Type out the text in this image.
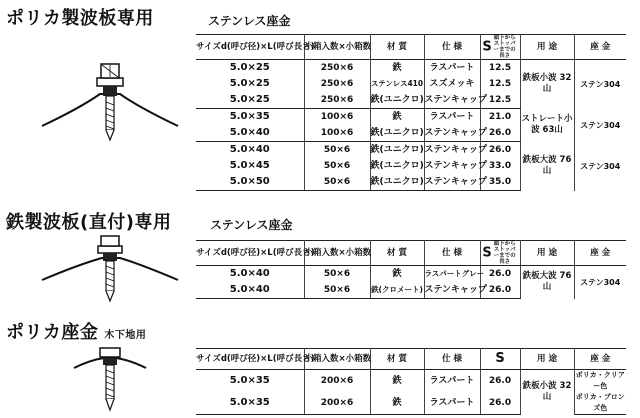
ポリカ製波板専用	ステンレス座金
サイズd(呼び径)×L(呼び長さ)	小箱入数×小箱数	材 質	仕 様	S頭下からストッパーまでの長さ	用 途	座 金
5.0×25	250×6	鉄	ラスパート	12.5	鉄板小波 32山	ステン304
5.0×25	250×6	ステンレス410	スズメッキ	12.5		
5.0×25	250×6	鉄(ユニクロ)	ステンキャップ	12.5		
5.0×35	100×6	鉄	ラスパート	21.0	ストレート小波 63山	ステン304
5.0×40	100×6	鉄(ユニクロ)	ステンキャップ	26.0		
5.0×40	50×6	鉄(ユニクロ)	ステンキャップ	26.0	鉄板大波 76山	ステン304
5.0×45	50×6	鉄(ユニクロ)	ステンキャップ	33.0		
5.0×50	50×6	鉄(ユニクロ)	ステンキャップ	35.0		
鉄製波板(直付)専用	ステンレス座金
サイズd(呼び径)×L(呼び長さ)	小箱入数×小箱数	材 質	仕 様	S頭下からストッパーまでの長さ	用 途	座 金
5.0×40	50×6	鉄	ラスパートグレー	26.0	鉄板大波 76山	ステン304
5.0×40	50×6	鉄(クロメート)	ステンキャップ	26.0		
ポリカ座金 木下地用
サイズd(呼び径)×L(呼び長さ)	小箱入数×小箱数	材 質	仕 様	S	用 途	座 金
5.0×35	200×6	鉄	ラスパート	26.0	鉄板小波 32山	ポリカ・クリアー色
5.0×35	200×6	鉄	ラスパート	26.0		ポリカ・ブロンズ色
